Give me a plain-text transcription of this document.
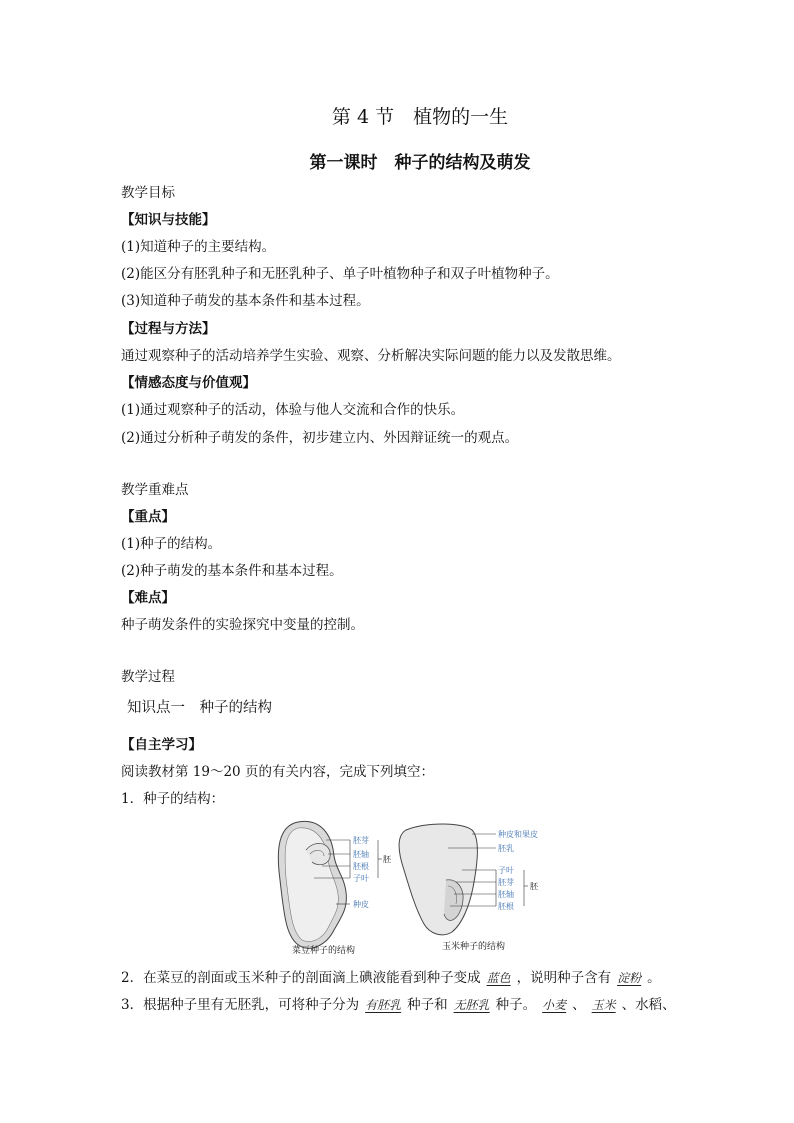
第 4 节　植物的一生
第一课时　种子的结构及萌发
教学目标
【知识与技能】
(1)知道种子的主要结构。
(2)能区分有胚乳种子和无胚乳种子、单子叶植物种子和双子叶植物种子。
(3)知道种子萌发的基本条件和基本过程。
【过程与方法】
通过观察种子的活动培养学生实验、观察、分析解决实际问题的能力以及发散思维。
【情感态度与价值观】
(1)通过观察种子的活动，体验与他人交流和合作的快乐。
(2)通过分析种子萌发的条件，初步建立内、外因辩证统一的观点。
教学重难点
【重点】
(1)种子的结构。
(2)种子萌发的基本条件和基本过程。
【难点】
种子萌发条件的实验探究中变量的控制。
教学过程
知识点一　种子的结构
【自主学习】
阅读教材第 19～20 页的有关内容，完成下列填空：
1．种子的结构：
胚芽
胚轴
胚根
子叶
种皮
胚
菜豆种子的结构
种皮和果皮
胚乳
子叶
胚芽
胚轴
胚根
胚
玉米种子的结构
2．在菜豆的剖面或玉米种子的剖面滴上碘液能看到种子变成 蓝色 ，说明种子含有 淀粉 。
3．根据种子里有无胚乳，可将种子分为 有胚乳 种子和 无胚乳 种子。 小麦 、 玉米 、水稻、
